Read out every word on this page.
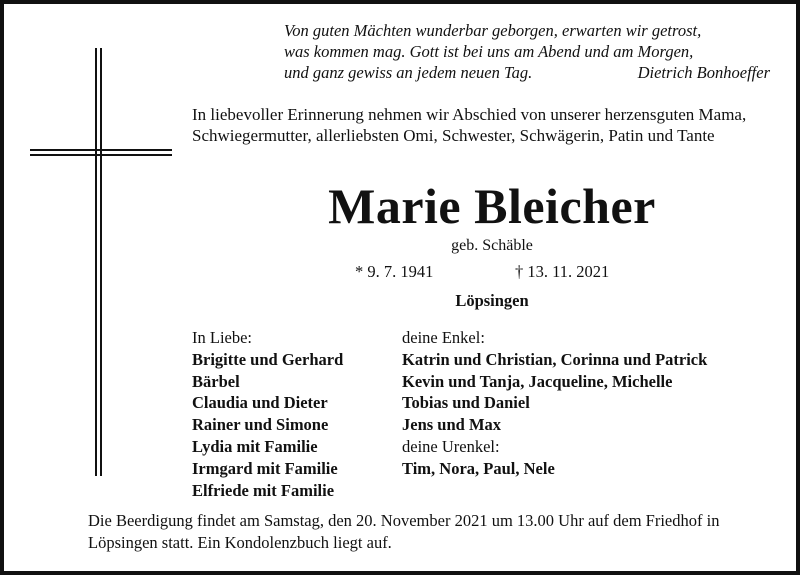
Von guten Mächten wunderbar geborgen, erwarten wir getrost,
was kommen mag. Gott ist bei uns am Abend und am Morgen,
und ganz gewiss an jedem neuen Tag.	Dietrich Bonhoeffer
In liebevoller Erinnerung nehmen wir Abschied von unserer herzensguten Mama, Schwiegermutter, allerliebsten Omi, Schwester, Schwägerin, Patin und Tante
Marie Bleicher
geb. Schäble
* 9. 7. 1941	† 13. 11. 2021
Löpsingen
In Liebe:
Brigitte und Gerhard
Bärbel
Claudia und Dieter
Rainer und Simone
Lydia mit Familie
Irmgard mit Familie
Elfriede mit Familie
deine Enkel:
Katrin und Christian, Corinna und Patrick
Kevin und Tanja, Jacqueline, Michelle
Tobias und Daniel
Jens und Max
deine Urenkel:
Tim, Nora, Paul, Nele
Die Beerdigung findet am Samstag, den 20. November 2021 um 13.00 Uhr auf dem Friedhof in Löpsingen statt. Ein Kondolenzbuch liegt auf.
